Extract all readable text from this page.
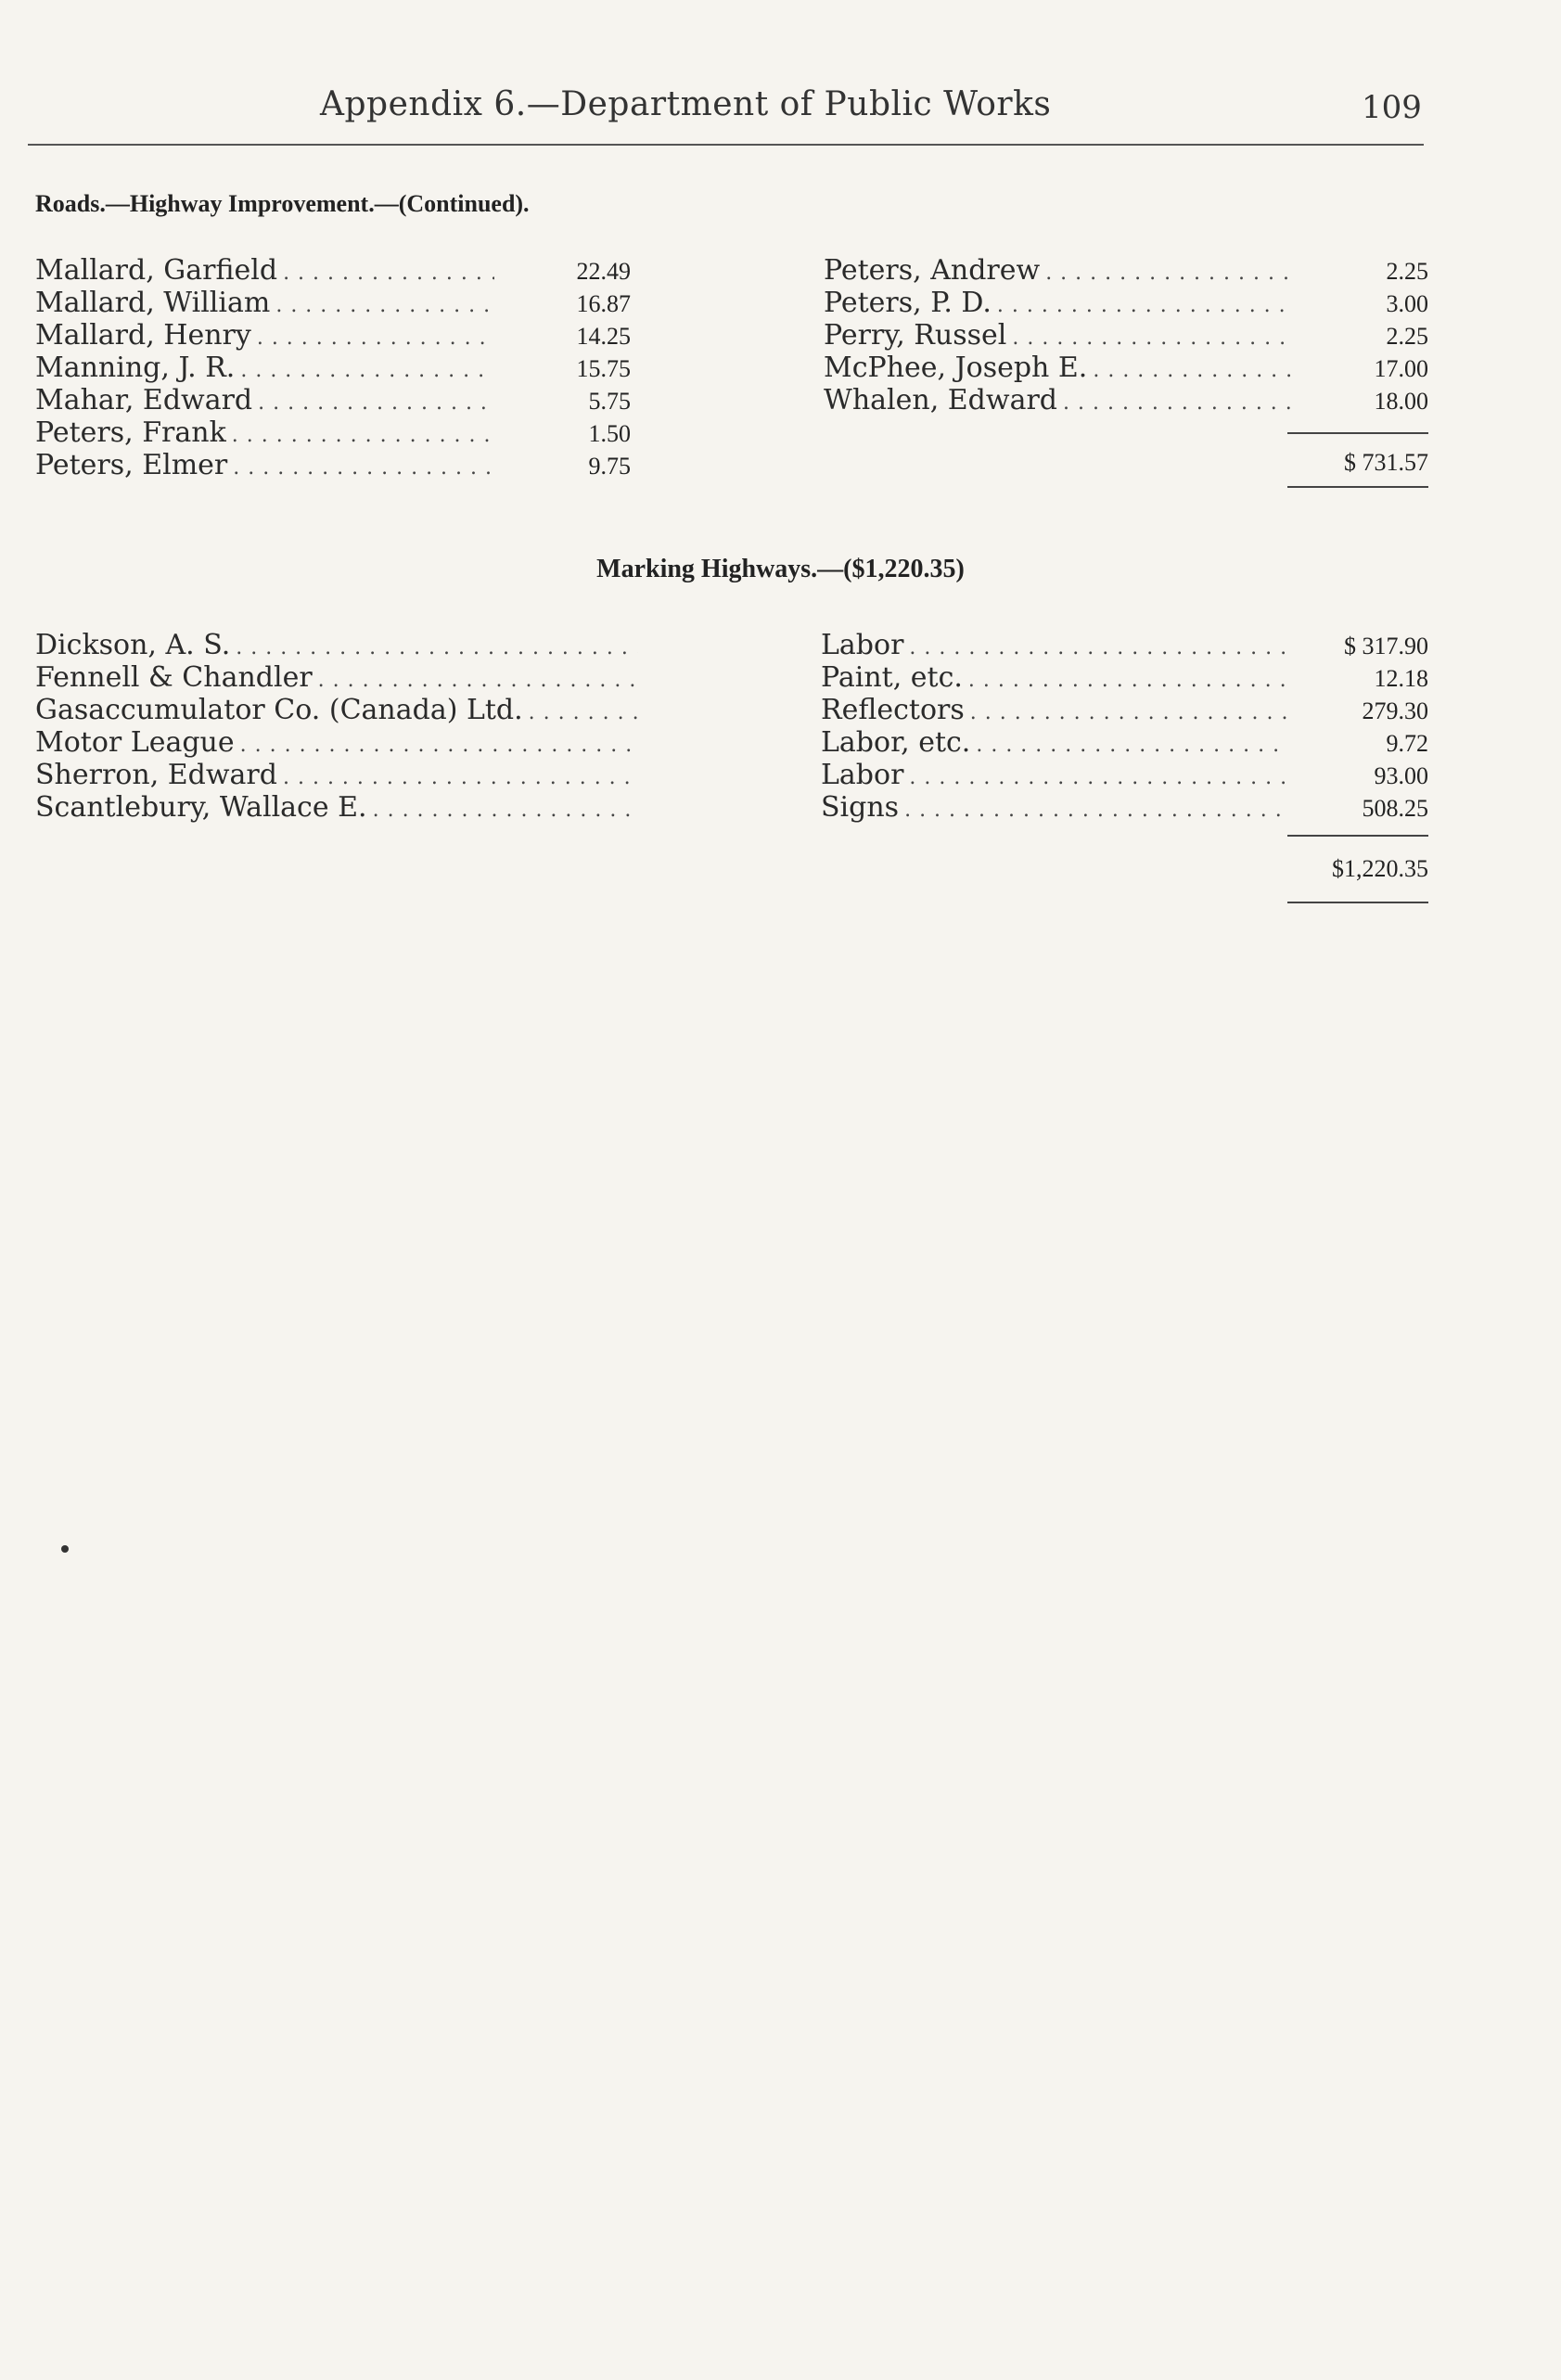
Appendix 6.—Department of Public Works	109
Roads.—Highway Improvement.—(Continued).
Mallard, Garfield . . .	22.49
Mallard, William . . .	16.87
Mallard, Henry . . .	14.25
Manning, J. R. . . .	15.75
Mahar, Edward . . .	5.75
Peters, Frank . . .	1.50
Peters, Elmer . . .	9.75
Peters, Andrew . . .	2.25
Peters, P. D. . . .	3.00
Perry, Russel . . .	2.25
McPhee, Joseph E. . . .	17.00
Whalen, Edward . . .	18.00
$ 731.57
Marking Highways.—($1,220.35)
Dickson, A. S. . . .	Labor . . .	$ 317.90
Fennell & Chandler . . .	Paint, etc. . . .	12.18
Gasaccumulator Co. (Canada) Ltd. . . .	Reflectors . . .	279.30
Motor League . . .	Labor, etc. . . .	9.72
Sherron, Edward . . .	Labor . . .	93.00
Scantlebury, Wallace E. . . .	Signs . . .	508.25
$1,220.35
